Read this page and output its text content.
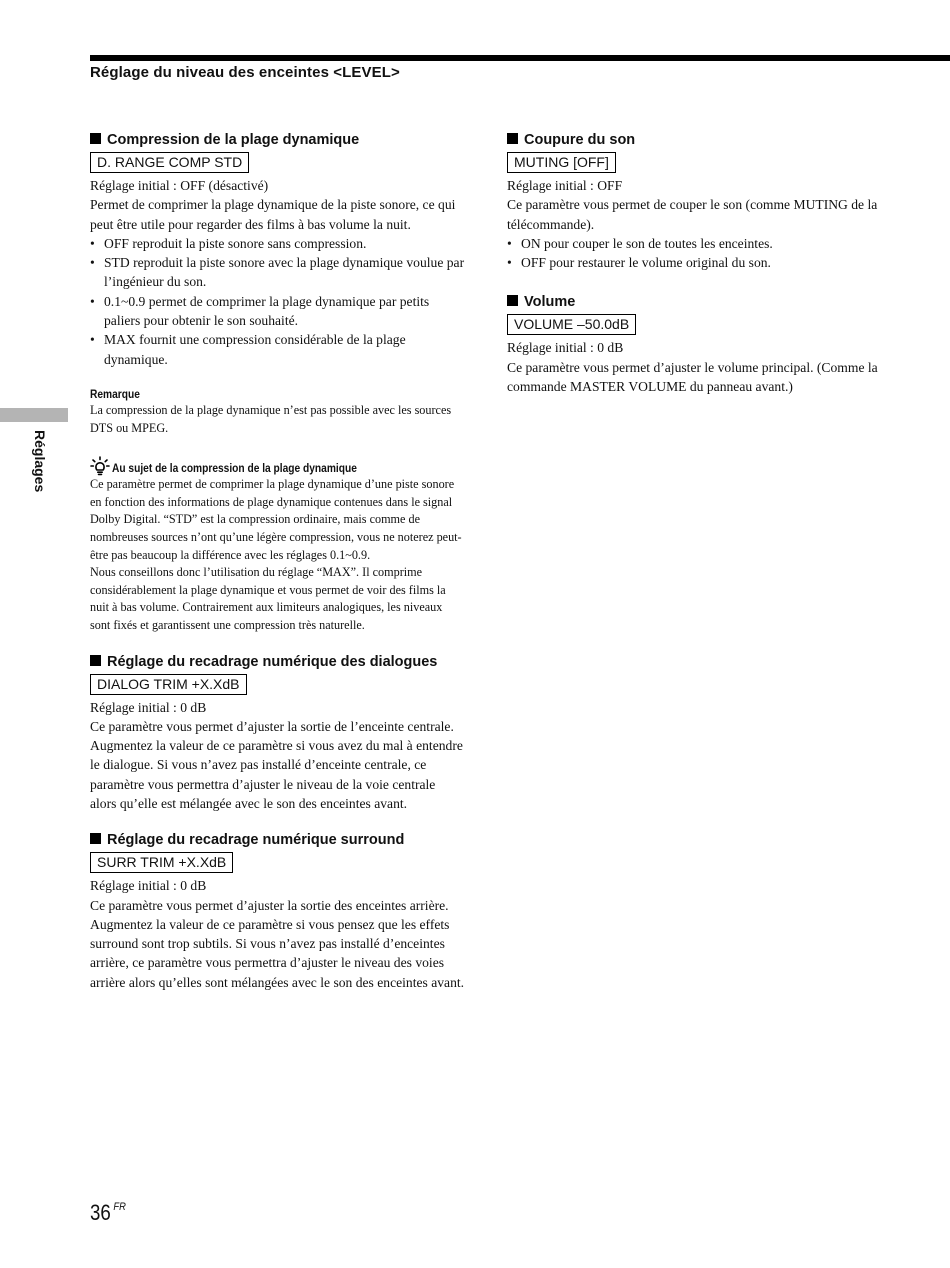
Réglage du niveau des enceintes <LEVEL>
Réglages
Compression de la plage dynamique
D. RANGE COMP STD

Réglage initial : OFF (désactivé)

Permet de comprimer la plage dynamique de la piste sonore, ce qui peut être utile pour regarder des films à bas volume la nuit.

• OFF reproduit la piste sonore sans compression.
• STD reproduit la piste sonore avec la plage dynamique voulue par l’ingénieur du son.
• 0.1~0.9 permet de comprimer la plage dynamique par petits paliers pour obtenir le son souhaité.
• MAX fournit une compression considérable de la plage dynamique.
Remarque

La compression de la plage dynamique n’est pas possible avec les sources DTS ou MPEG.

Au sujet de la compression de la plage dynamique

Ce paramètre permet de comprimer la plage dynamique d’une piste sonore en fonction des informations de plage dynamique contenues dans le signal Dolby Digital. “STD” est la compression ordinaire, mais comme de nombreuses sources n’ont qu’une légère compression, vous ne noterez peut-être pas beaucoup la différence avec les réglages 0.1~0.9.

Nous conseillons donc l’utilisation du réglage “MAX”. Il comprime considérablement la plage dynamique et vous permet de voir des films la nuit à bas volume. Contrairement aux limiteurs analogiques, les niveaux sont fixés et garantissent une compression très naturelle.

Réglage du recadrage numérique des dialogues
DIALOG TRIM +X.XdB

Réglage initial : 0 dB

Ce paramètre vous permet d’ajuster la sortie de l’enceinte centrale.

Augmentez la valeur de ce paramètre si vous avez du mal à entendre le dialogue. Si vous n’avez pas installé d’enceinte centrale, ce paramètre vous permettra d’ajuster le niveau de la voie centrale alors qu’elle est mélangée avec le son des enceintes avant.

Réglage du recadrage numérique surround
SURR TRIM +X.XdB

Réglage initial : 0 dB

Ce paramètre vous permet d’ajuster la sortie des enceintes arrière.

Augmentez la valeur de ce paramètre si vous pensez que les effets surround sont trop subtils. Si vous n’avez pas installé d’enceintes arrière, ce paramètre vous permettra d’ajuster le niveau des voies arrière alors qu’elles sont mélangées avec le son des enceintes avant.

Coupure du son
MUTING [OFF]

Réglage initial : OFF

Ce paramètre vous permet de couper le son (comme MUTING de la télécommande).

• ON pour couper le son de toutes les enceintes.
• OFF pour restaurer le volume original du son.
Volume
VOLUME –50.0dB

Réglage initial : 0 dB

Ce paramètre vous permet d’ajuster le volume principal. (Comme la commande MASTER VOLUME du panneau avant.)

36 $^{FR}$
